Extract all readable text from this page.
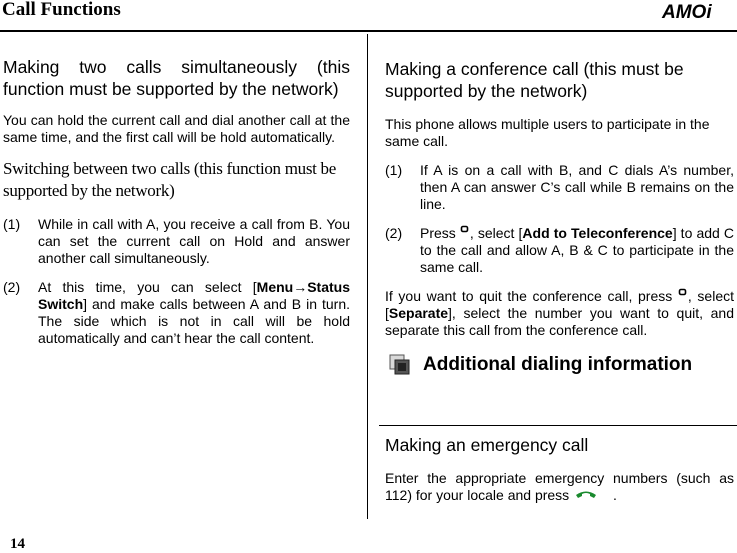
Call Functions	AMOi
Making two calls simultaneously (this function must be supported by the network)
You can hold the current call and dial another call at the same time, and the first call will be hold automatically.
Switching between two calls (this function must be supported by the network)
(1)	While in call with A, you receive a call from B. You can set the current call on Hold and answer another call simultaneously.
(2)	At this time, you can select [Menu→Status Switch] and make calls between A and B in turn. The side which is not in call will be hold automatically and can’t hear the call content.
Making a conference call (this must be supported by the network)
This phone allows multiple users to participate in the same call.
(1)	If A is on a call with B, and C dials A’s number, then A can answer C’s call while B remains on the line.
(2)	Press , select [Add to Teleconference] to add C to the call and allow A, B & C to participate in the same call.
If you want to quit the conference call, press , select [Separate], select the number you want to quit, and separate this call from the conference call.
Additional dialing information
Making an emergency call
Enter the appropriate emergency numbers (such as 112) for your locale and press	.
14
